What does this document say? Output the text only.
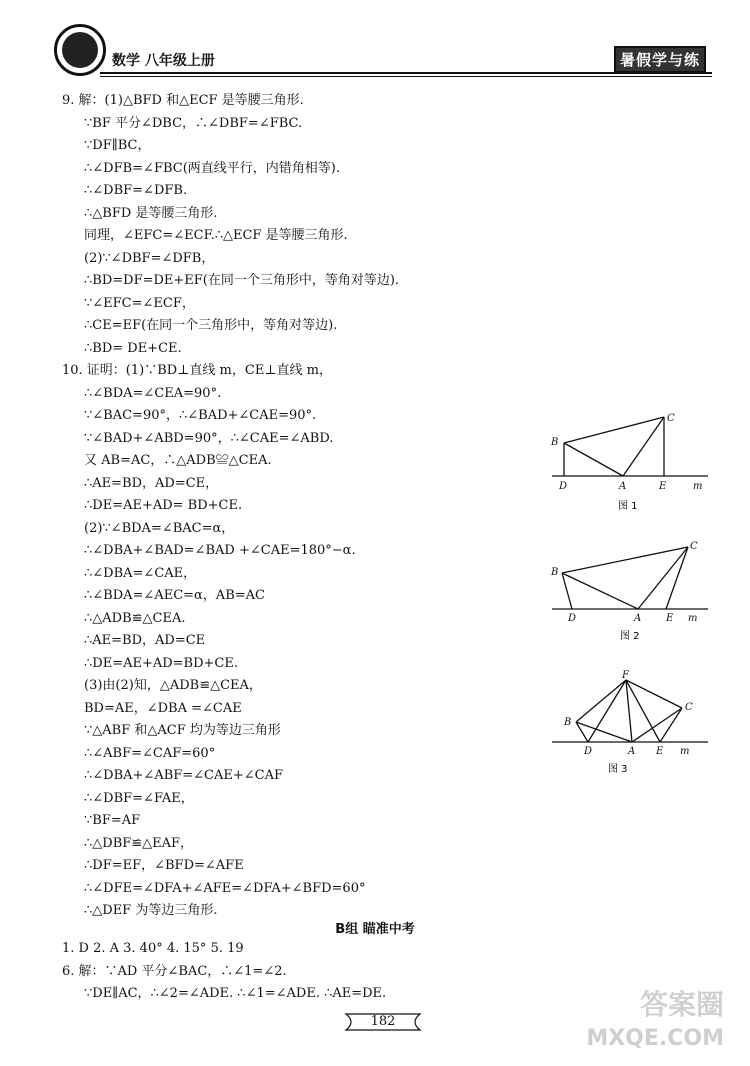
数学 八年级上册	暑假学与练
9. 解：(1)△BFD 和△ECF 是等腰三角形.
∵BF 平分∠DBC，∴∠DBF=∠FBC.
∵DF∥BC，
∴∠DFB=∠FBC(两直线平行，内错角相等).
∴∠DBF=∠DFB.
∴△BFD 是等腰三角形.
同理，∠EFC=∠ECF.∴△ECF 是等腰三角形.
(2)∵∠DBF=∠DFB，
∴BD=DF=DE+EF(在同一个三角形中，等角对等边).
∵∠EFC=∠ECF，
∴CE=EF(在同一个三角形中，等角对等边).
∴BD= DE+CE.
10. 证明：(1)∵BD⊥直线 m，CE⊥直线 m，
∴∠BDA=∠CEA=90°.
∵∠BAC=90°，∴∠BAD+∠CAE=90°.
∵∠BAD+∠ABD=90°，∴∠CAE=∠ABD.
又 AB=AC，∴△ADB≌△CEA.
∴AE=BD，AD=CE，
∴DE=AE+AD= BD+CE.
(2)∵∠BDA=∠BAC=α，
∴∠DBA+∠BAD=∠BAD +∠CAE=180°−α.
∴∠DBA=∠CAE，
∴∠BDA=∠AEC=α，AB=AC
∴△ADB≌△CEA.
∴AE=BD，AD=CE
∴DE=AE+AD=BD+CE.
(3)由(2)知，△ADB≌△CEA，
BD=AE，∠DBA =∠CAE
∵△ABF 和△ACF 均为等边三角形
∴∠ABF=∠CAF=60°
∴∠DBA+∠ABF=∠CAE+∠CAF
∴∠DBF=∠FAE，
∵BF=AF
∴△DBF≌△EAF，
∴DF=EF，∠BFD=∠AFE
∴∠DFE=∠DFA+∠AFE=∠DFA+∠BFD=60°
∴△DEF 为等边三角形.
B
C
D	A	E	m
图 1
B
C
D	A E m
图 2
F
B
C
D	A E m
图 3
B组 瞄准中考
1. D 2. A 3. 40° 4. 15° 5. 19
6. 解：∵AD 平分∠BAC，∴∠1=∠2.
∵DE∥AC，∴∠2=∠ADE. ∴∠1=∠ADE. ∴AE=DE.
182
答案圈
MXQE.COM
